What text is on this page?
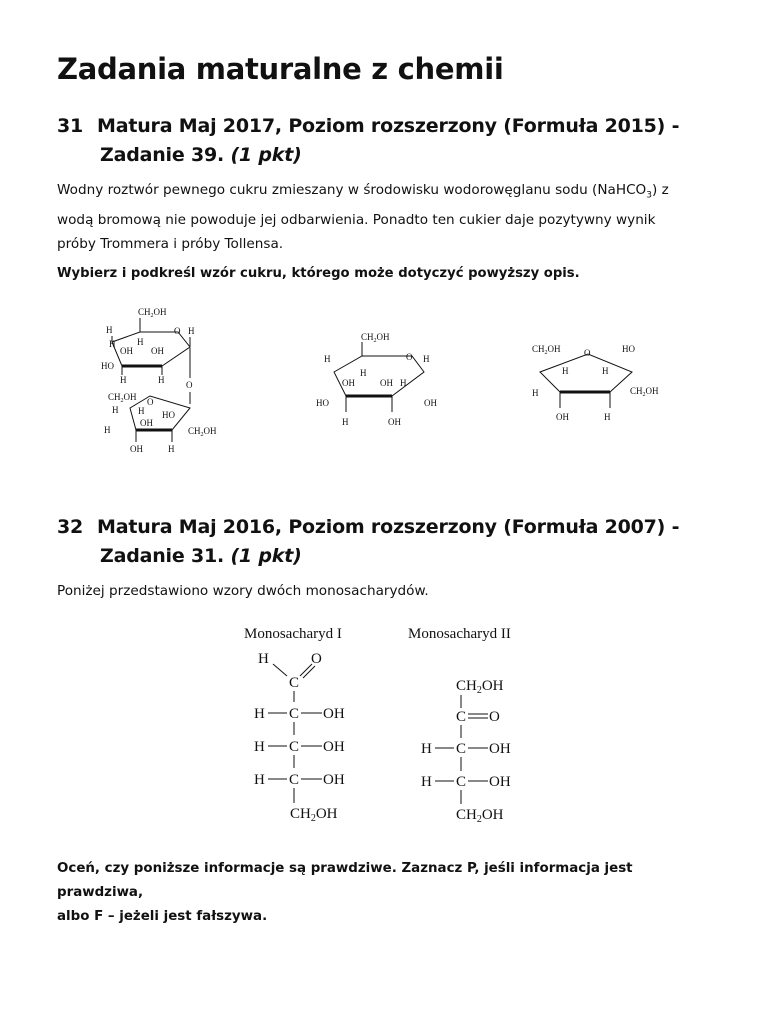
Zadania maturalne z chemii
31 Matura Maj 2017, Poziom rozszerzony (Formuła 2015) -
Zadanie 39. (1 pkt)
Wodny roztwór pewnego cukru zmieszany w środowisku wodorowęglanu sodu (NaHCO$_3$) z
wodą bromową nie powoduje jej odbarwienia. Ponadto ten cukier daje pozytywny wynik
próby Trommera i próby Tollensa.
Wybierz i podkreśl wzór cukru, którego może dotyczyć powyższy opis.
$CH_2OH$
O
H	H
H
OH
H
OH
HO
H
H	O
$CH_2OH$ O
H H HO
H
OH
$CH_2OH$
OH	H
$CH_2OH$
O
H	H
H
OH	OH H
HO	OH
H	OH
$CH_2OH$	O	HO
H
H	H
$CH_2OH$
OH	H
32 Matura Maj 2016, Poziom rozszerzony (Formuła 2007) -
Zadanie 31. (1 pkt)
Poniżej przedstawiono wzory dwóch monosacharydów.
Monosacharyd I
H	O
C
H C OH
H C OH
H C OH
$CH_2OH$
Monosacharyd II
$CH_2OH$
C O
H C OH
H C OH
$CH_2OH$
Oceń, czy poniższe informacje są prawdziwe. Zaznacz P, jeśli informacja jest prawdziwa,
albo F – jeżeli jest fałszywa.
